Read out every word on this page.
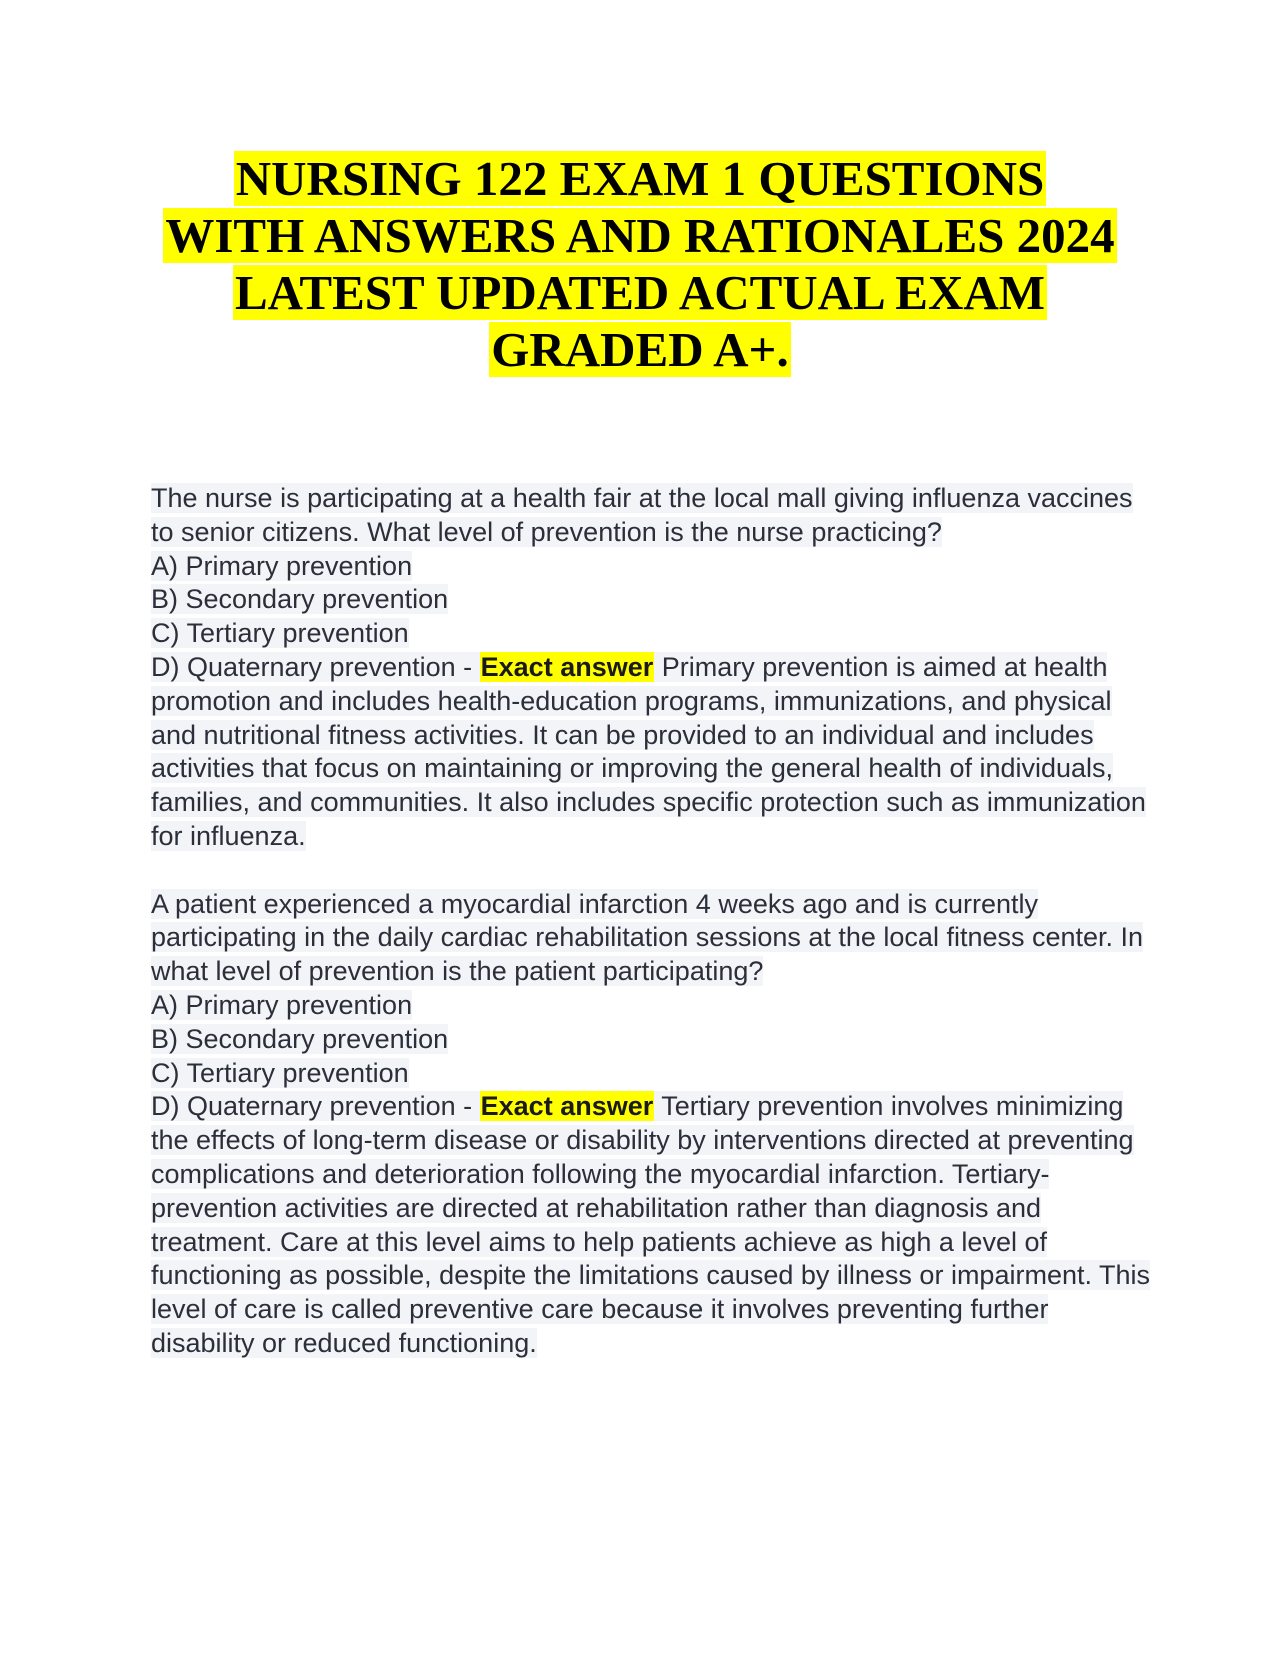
NURSING 122 EXAM 1 QUESTIONS
WITH ANSWERS AND RATIONALES 2024
LATEST UPDATED ACTUAL EXAM
GRADED A+.
The nurse is participating at a health fair at the local mall giving influenza vaccines to senior citizens. What level of prevention is the nurse practicing?
A) Primary prevention
B) Secondary prevention
C) Tertiary prevention
D) Quaternary prevention - Exact answer Primary prevention is aimed at health promotion and includes health-education programs, immunizations, and physical and nutritional fitness activities. It can be provided to an individual and includes activities that focus on maintaining or improving the general health of individuals, families, and communities. It also includes specific protection such as immunization for influenza.
A patient experienced a myocardial infarction 4 weeks ago and is currently participating in the daily cardiac rehabilitation sessions at the local fitness center. In what level of prevention is the patient participating?
A) Primary prevention
B) Secondary prevention
C) Tertiary prevention
D) Quaternary prevention - Exact answer Tertiary prevention involves minimizing the effects of long-term disease or disability by interventions directed at preventing complications and deterioration following the myocardial infarction. Tertiary-prevention activities are directed at rehabilitation rather than diagnosis and treatment. Care at this level aims to help patients achieve as high a level of functioning as possible, despite the limitations caused by illness or impairment. This level of care is called preventive care because it involves preventing further disability or reduced functioning.
